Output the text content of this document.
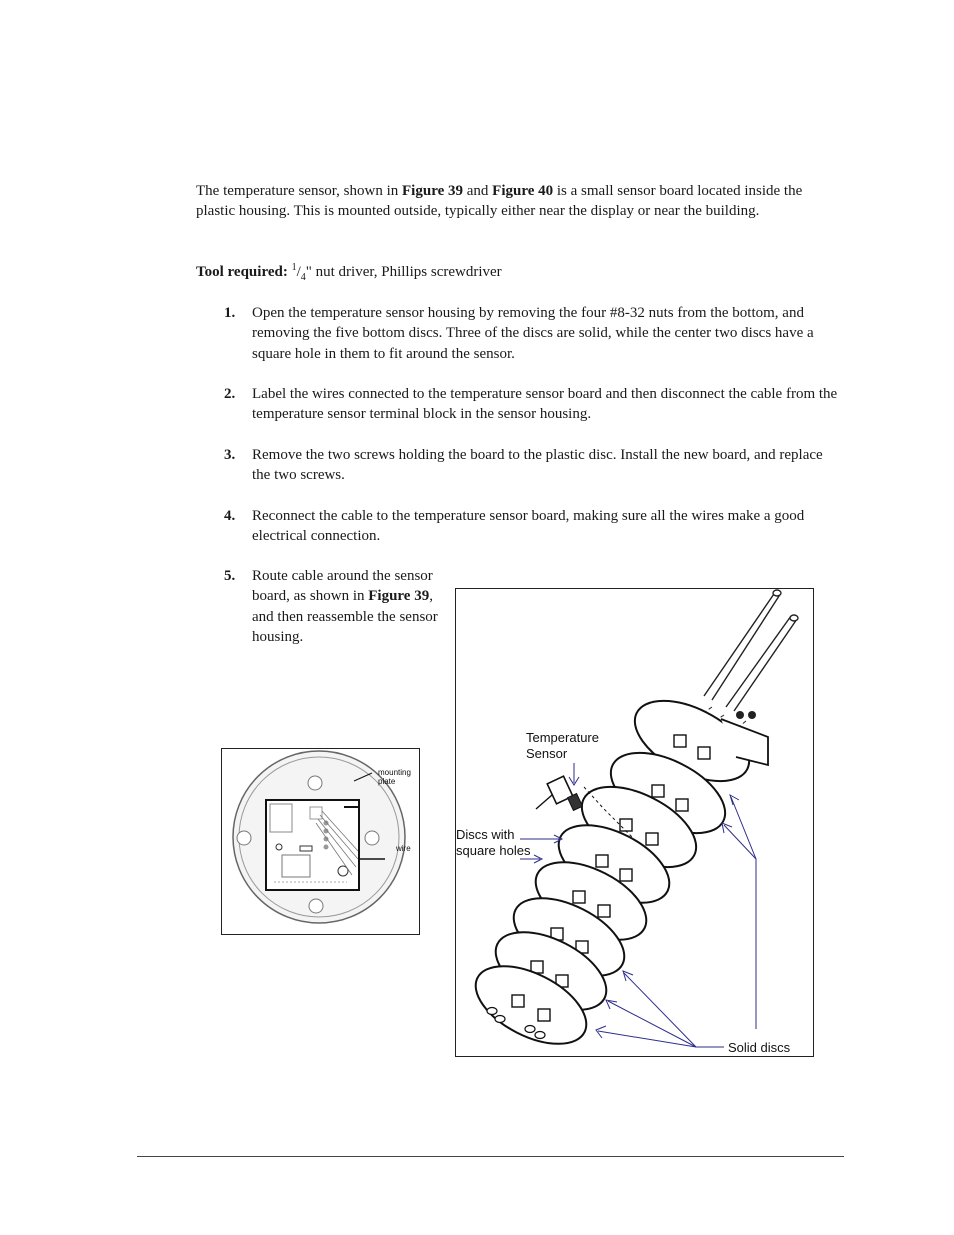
The temperature sensor, shown in Figure 39 and Figure 40 is a small sensor board located inside the plastic housing. This is mounted outside, typically either near the display or near the building.
Tool required: $^1/_4$" nut driver, Phillips screwdriver
1. Open the temperature sensor housing by removing the four #8-32 nuts from the bottom, and removing the five bottom discs. Three of the discs are solid, while the center two discs have a square hole in them to fit around the sensor.
2. Label the wires connected to the temperature sensor board and then disconnect the cable from the temperature sensor terminal block in the sensor housing.
3. Remove the two screws holding the board to the plastic disc. Install the new board, and replace the two screws.
4. Reconnect the cable to the temperature sensor board, making sure all the wires make a good electrical connection.
5. Route cable around the sensor board, as shown in Figure 39, and then reassemble the sensor housing.
mounting
plate
wire
Temperature
Sensor
Discs with
square holes
Solid discs
